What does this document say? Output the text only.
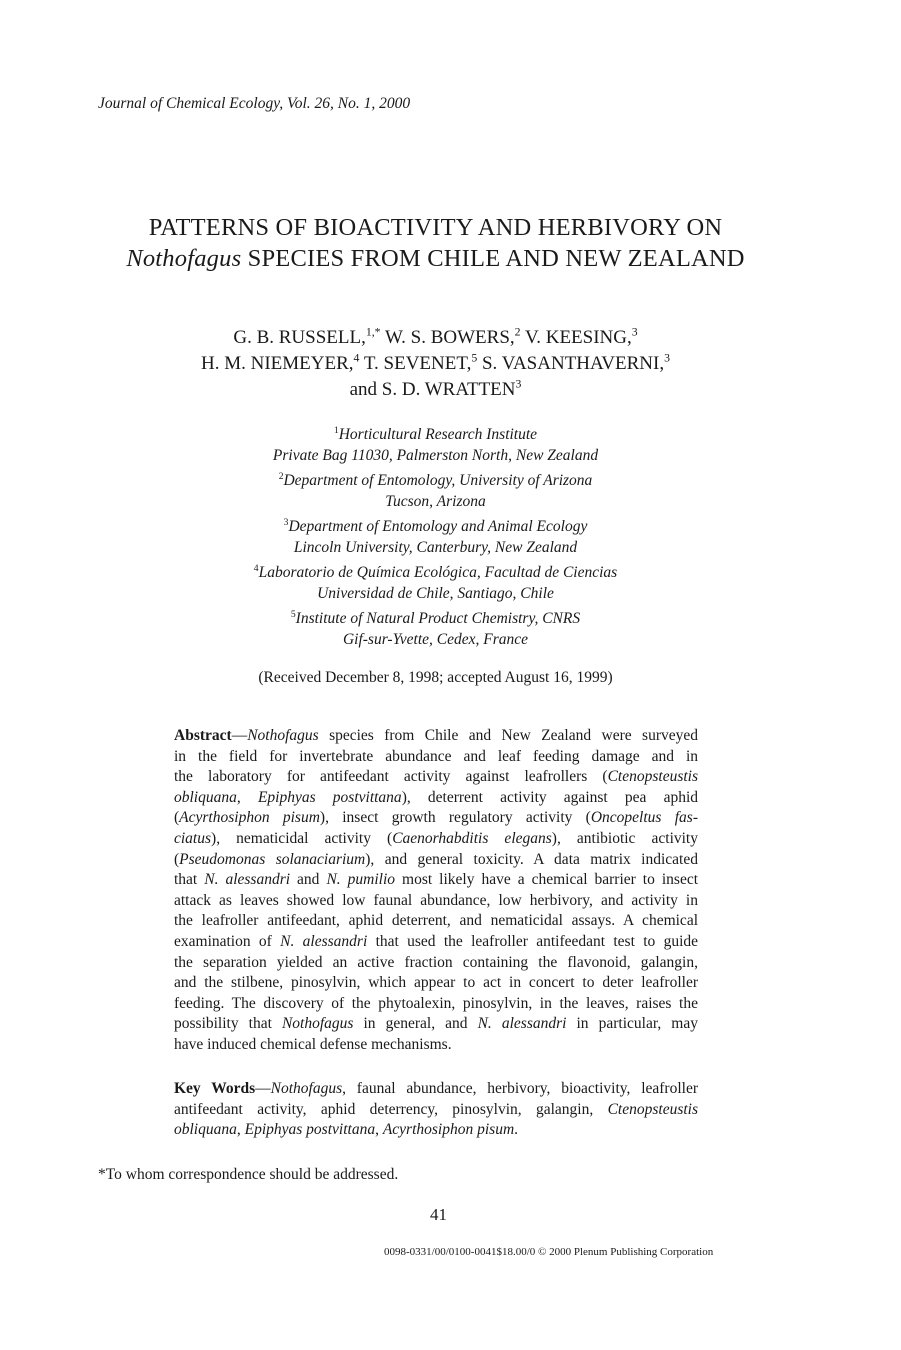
Journal of Chemical Ecology, Vol. 26, No. 1, 2000
PATTERNS OF BIOACTIVITY AND HERBIVORY ON
Nothofagus SPECIES FROM CHILE AND NEW ZEALAND
G. B. RUSSELL,$^{1,*}$ W. S. BOWERS,$^2$ V. KEESING,$^3$
H. M. NIEMEYER,$^4$ T. SEVENET,$^5$ S. VASANTHAVERNI,$^3$
and S. D. WRATTEN$^3$
$^1$Horticultural Research Institute
Private Bag 11030, Palmerston North, New Zealand
$^2$Department of Entomology, University of Arizona
Tucson, Arizona
$^3$Department of Entomology and Animal Ecology
Lincoln University, Canterbury, New Zealand
$^4$Laboratorio de Química Ecológica, Facultad de Ciencias
Universidad de Chile, Santiago, Chile
$^5$Institute of Natural Product Chemistry, CNRS
Gif-sur-Yvette, Cedex, France
(Received December 8, 1998; accepted August 16, 1999)
Abstract—Nothofagus species from Chile and New Zealand were surveyed
in the field for invertebrate abundance and leaf feeding damage and in
the laboratory for antifeedant activity against leafrollers (Ctenopsteustis
obliquana, Epiphyas postvittana), deterrent activity against pea aphid
(Acyrthosiphon pisum), insect growth regulatory activity (Oncopeltus fas-
ciatus), nematicidal activity (Caenorhabditis elegans), antibiotic activity
(Pseudomonas solanaciarium), and general toxicity. A data matrix indicated
that N. alessandri and N. pumilio most likely have a chemical barrier to insect
attack as leaves showed low faunal abundance, low herbivory, and activity in
the leafroller antifeedant, aphid deterrent, and nematicidal assays. A chemical
examination of N. alessandri that used the leafroller antifeedant test to guide
the separation yielded an active fraction containing the flavonoid, galangin,
and the stilbene, pinosylvin, which appear to act in concert to deter leafroller
feeding. The discovery of the phytoalexin, pinosylvin, in the leaves, raises the
possibility that Nothofagus in general, and N. alessandri in particular, may
have induced chemical defense mechanisms.
Key Words—Nothofagus, faunal abundance, herbivory, bioactivity, leafroller
antifeedant activity, aphid deterrency, pinosylvin, galangin, Ctenopsteustis
obliquana, Epiphyas postvittana, Acyrthosiphon pisum.
*To whom correspondence should be addressed.
41
0098-0331/00/0100-0041$18.00/0 © 2000 Plenum Publishing Corporation
